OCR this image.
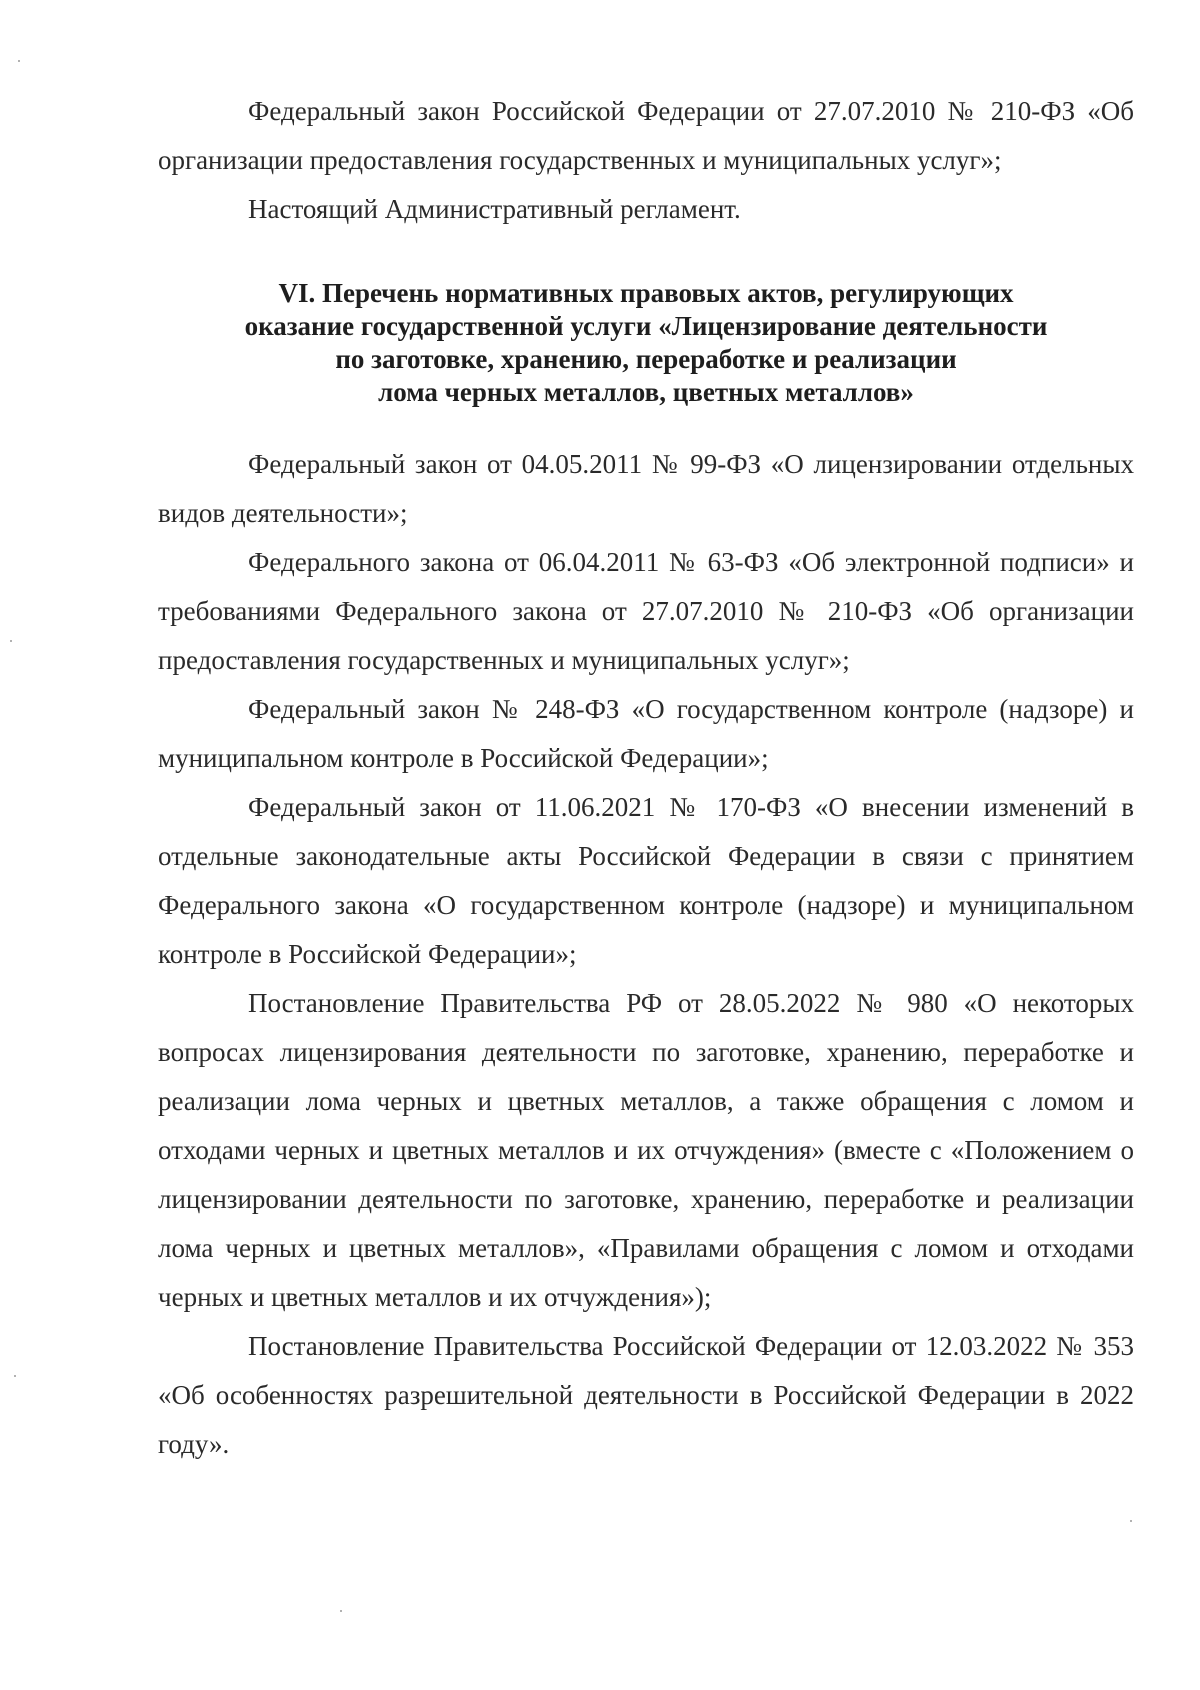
Федеральный закон Российской Федерации от 27.07.2010 № 210-ФЗ «Об организации предоставления государственных и муниципальных услуг»;

Настоящий Административный регламент.

VI. Перечень нормативных правовых актов, регулирующих
оказание государственной услуги «Лицензирование деятельности
по заготовке, хранению, переработке и реализации
лома черных металлов, цветных металлов»

Федеральный закон от 04.05.2011 № 99-ФЗ «О лицензировании отдельных видов деятельности»;

Федерального закона от 06.04.2011 № 63-ФЗ «Об электронной подписи» и требованиями Федерального закона от 27.07.2010 № 210-ФЗ «Об организации предоставления государственных и муниципальных услуг»;

Федеральный закон № 248-ФЗ «О государственном контроле (надзоре) и муниципальном контроле в Российской Федерации»;

Федеральный закон от 11.06.2021 № 170-ФЗ «О внесении изменений в отдельные законодательные акты Российской Федерации в связи с принятием Федерального закона «О государственном контроле (надзоре) и муниципальном контроле в Российской Федерации»;

Постановление Правительства РФ от 28.05.2022 № 980 «О некоторых вопросах лицензирования деятельности по заготовке, хранению, переработке и реализации лома черных и цветных металлов, а также обращения с ломом и отходами черных и цветных металлов и их отчуждения» (вместе с «Положением о лицензировании деятельности по заготовке, хранению, переработке и реализации лома черных и цветных металлов», «Правилами обращения с ломом и отходами черных и цветных металлов и их отчуждения»);

Постановление Правительства Российской Федерации от 12.03.2022 № 353 «Об особенностях разрешительной деятельности в Российской Федерации в 2022 году».
